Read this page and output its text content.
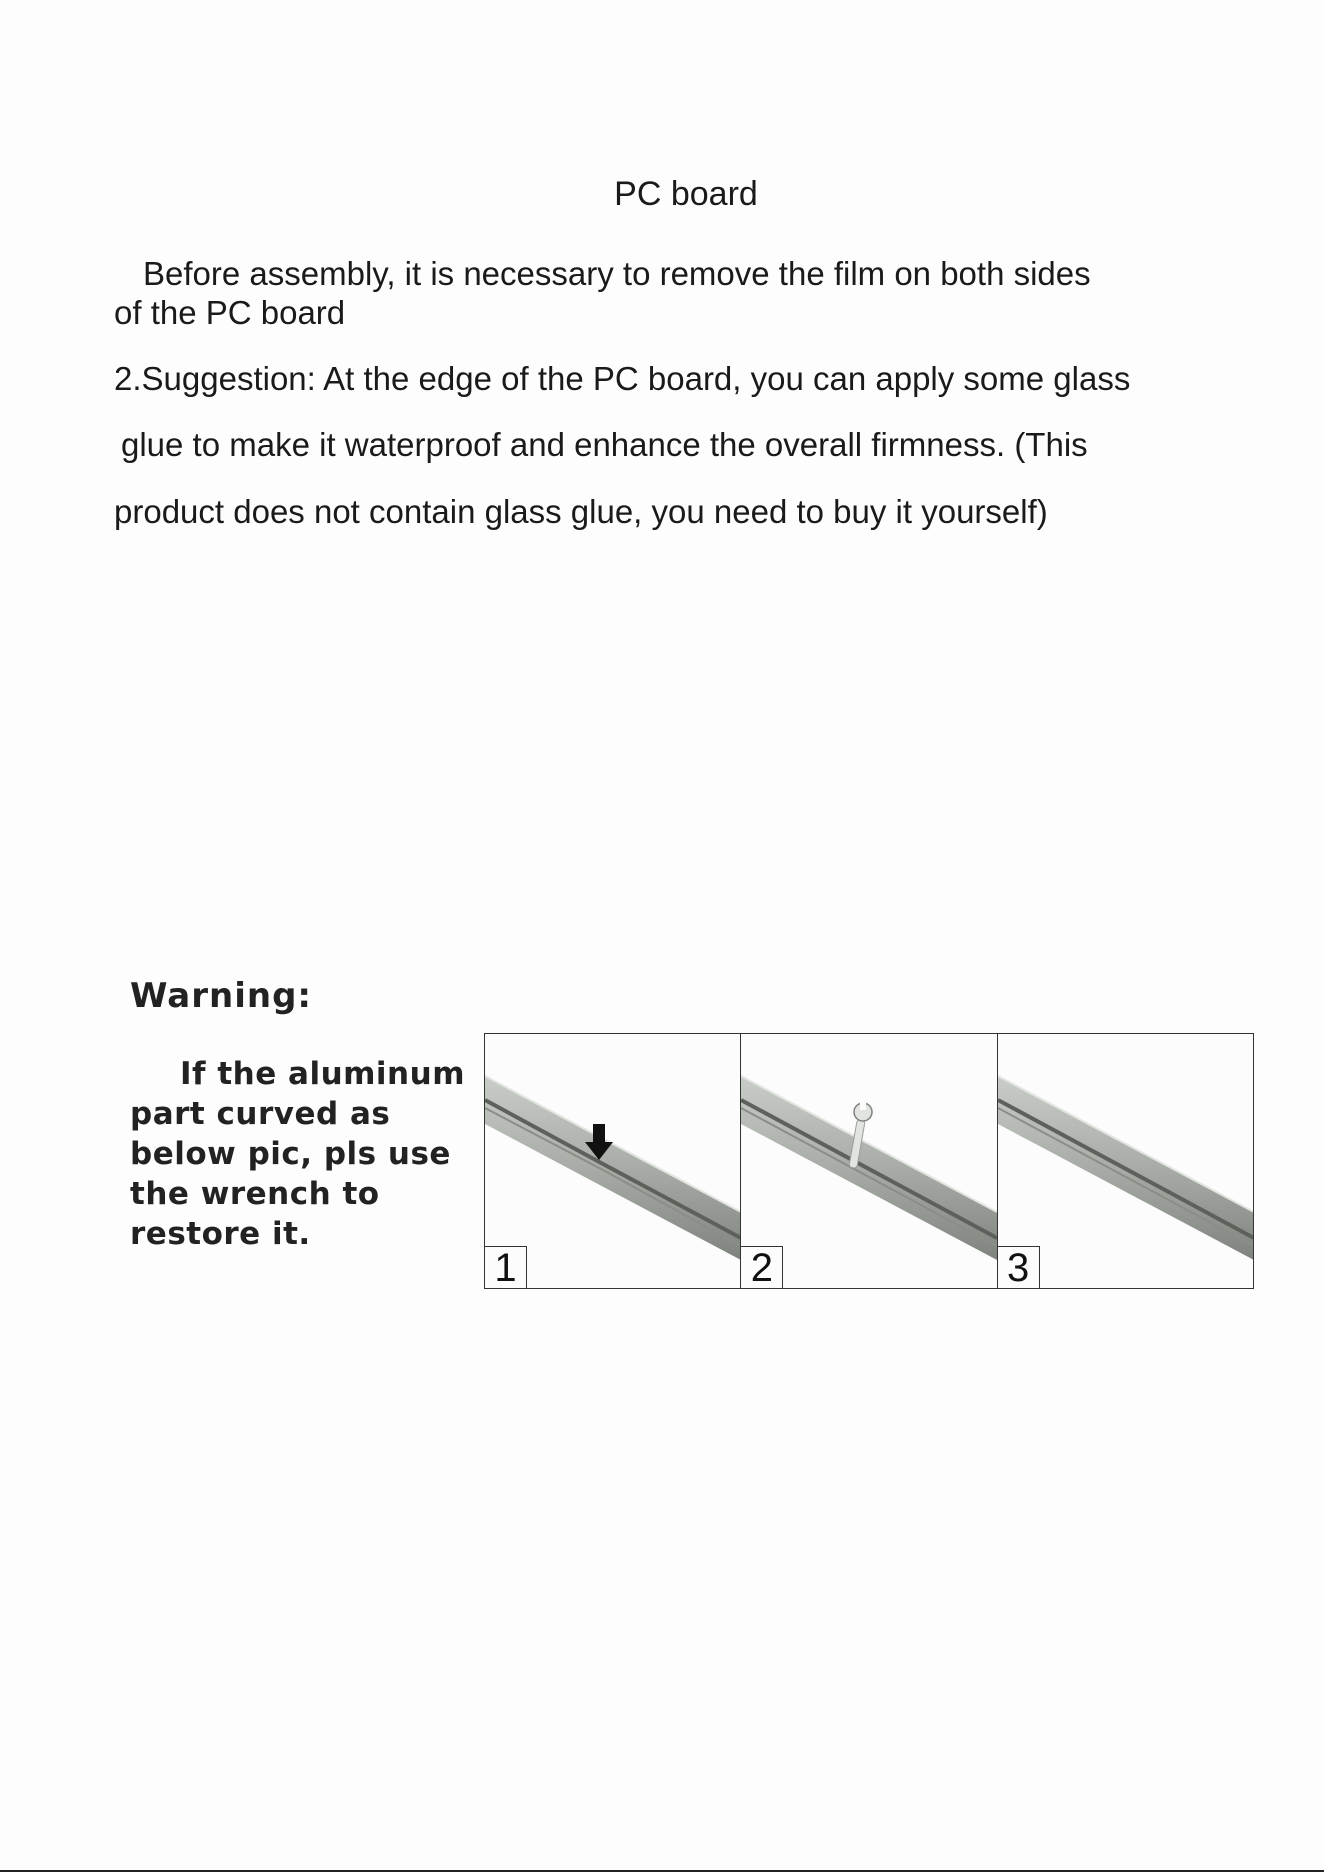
PC board
Before assembly, it is necessary to remove the film on both sides
of the PC board
2.Suggestion: At the edge of the PC board, you can apply some glass
glue to make it waterproof and enhance the overall firmness. (This
product does not contain glass glue, you need to buy it yourself)
Warning:
If the aluminum
part curved as
below pic, pls use
the wrench to
restore it.
1	2	3
